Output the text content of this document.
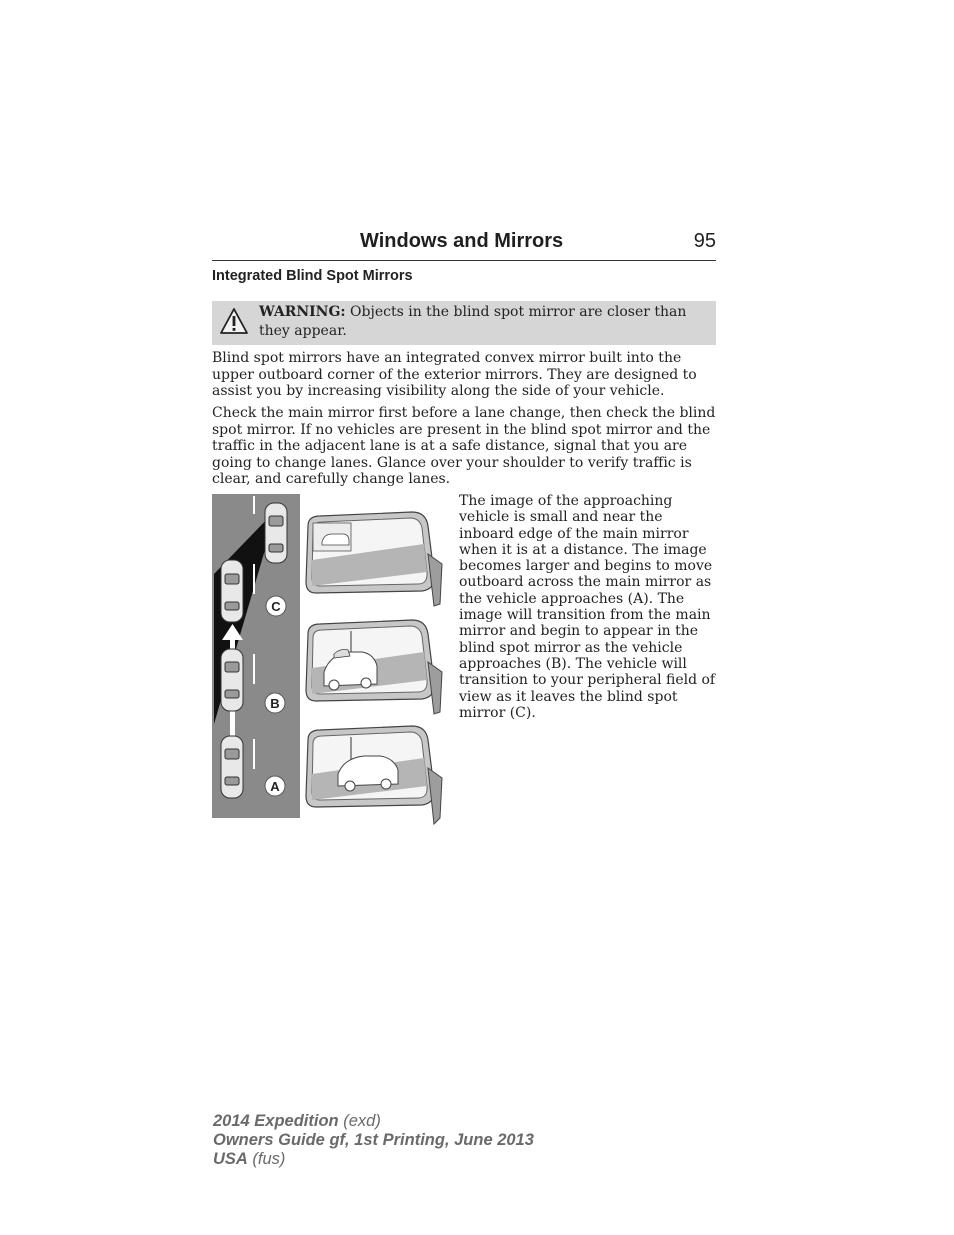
Windows and Mirrors	95
Integrated Blind Spot Mirrors
WARNING: Objects in the blind spot mirror are closer than they appear.

Blind spot mirrors have an integrated convex mirror built into the upper outboard corner of the exterior mirrors. They are designed to assist you by increasing visibility along the side of your vehicle.

Check the main mirror first before a lane change, then check the blind spot mirror. If no vehicles are present in the blind spot mirror and the traffic in the adjacent lane is at a safe distance, signal that you are going to change lanes. Glance over your shoulder to verify traffic is clear, and carefully change lanes.

The image of the approaching vehicle is small and near the inboard edge of the main mirror when it is at a distance. The image becomes larger and begins to move outboard across the main mirror as the vehicle approaches (A). The image will transition from the main mirror and begin to appear in the blind spot mirror as the vehicle approaches (B). The vehicle will transition to your peripheral field of view as it leaves the blind spot mirror (C).
C
B
A
2014 Expedition (exd)
Owners Guide gf, 1st Printing, June 2013
USA (fus)
